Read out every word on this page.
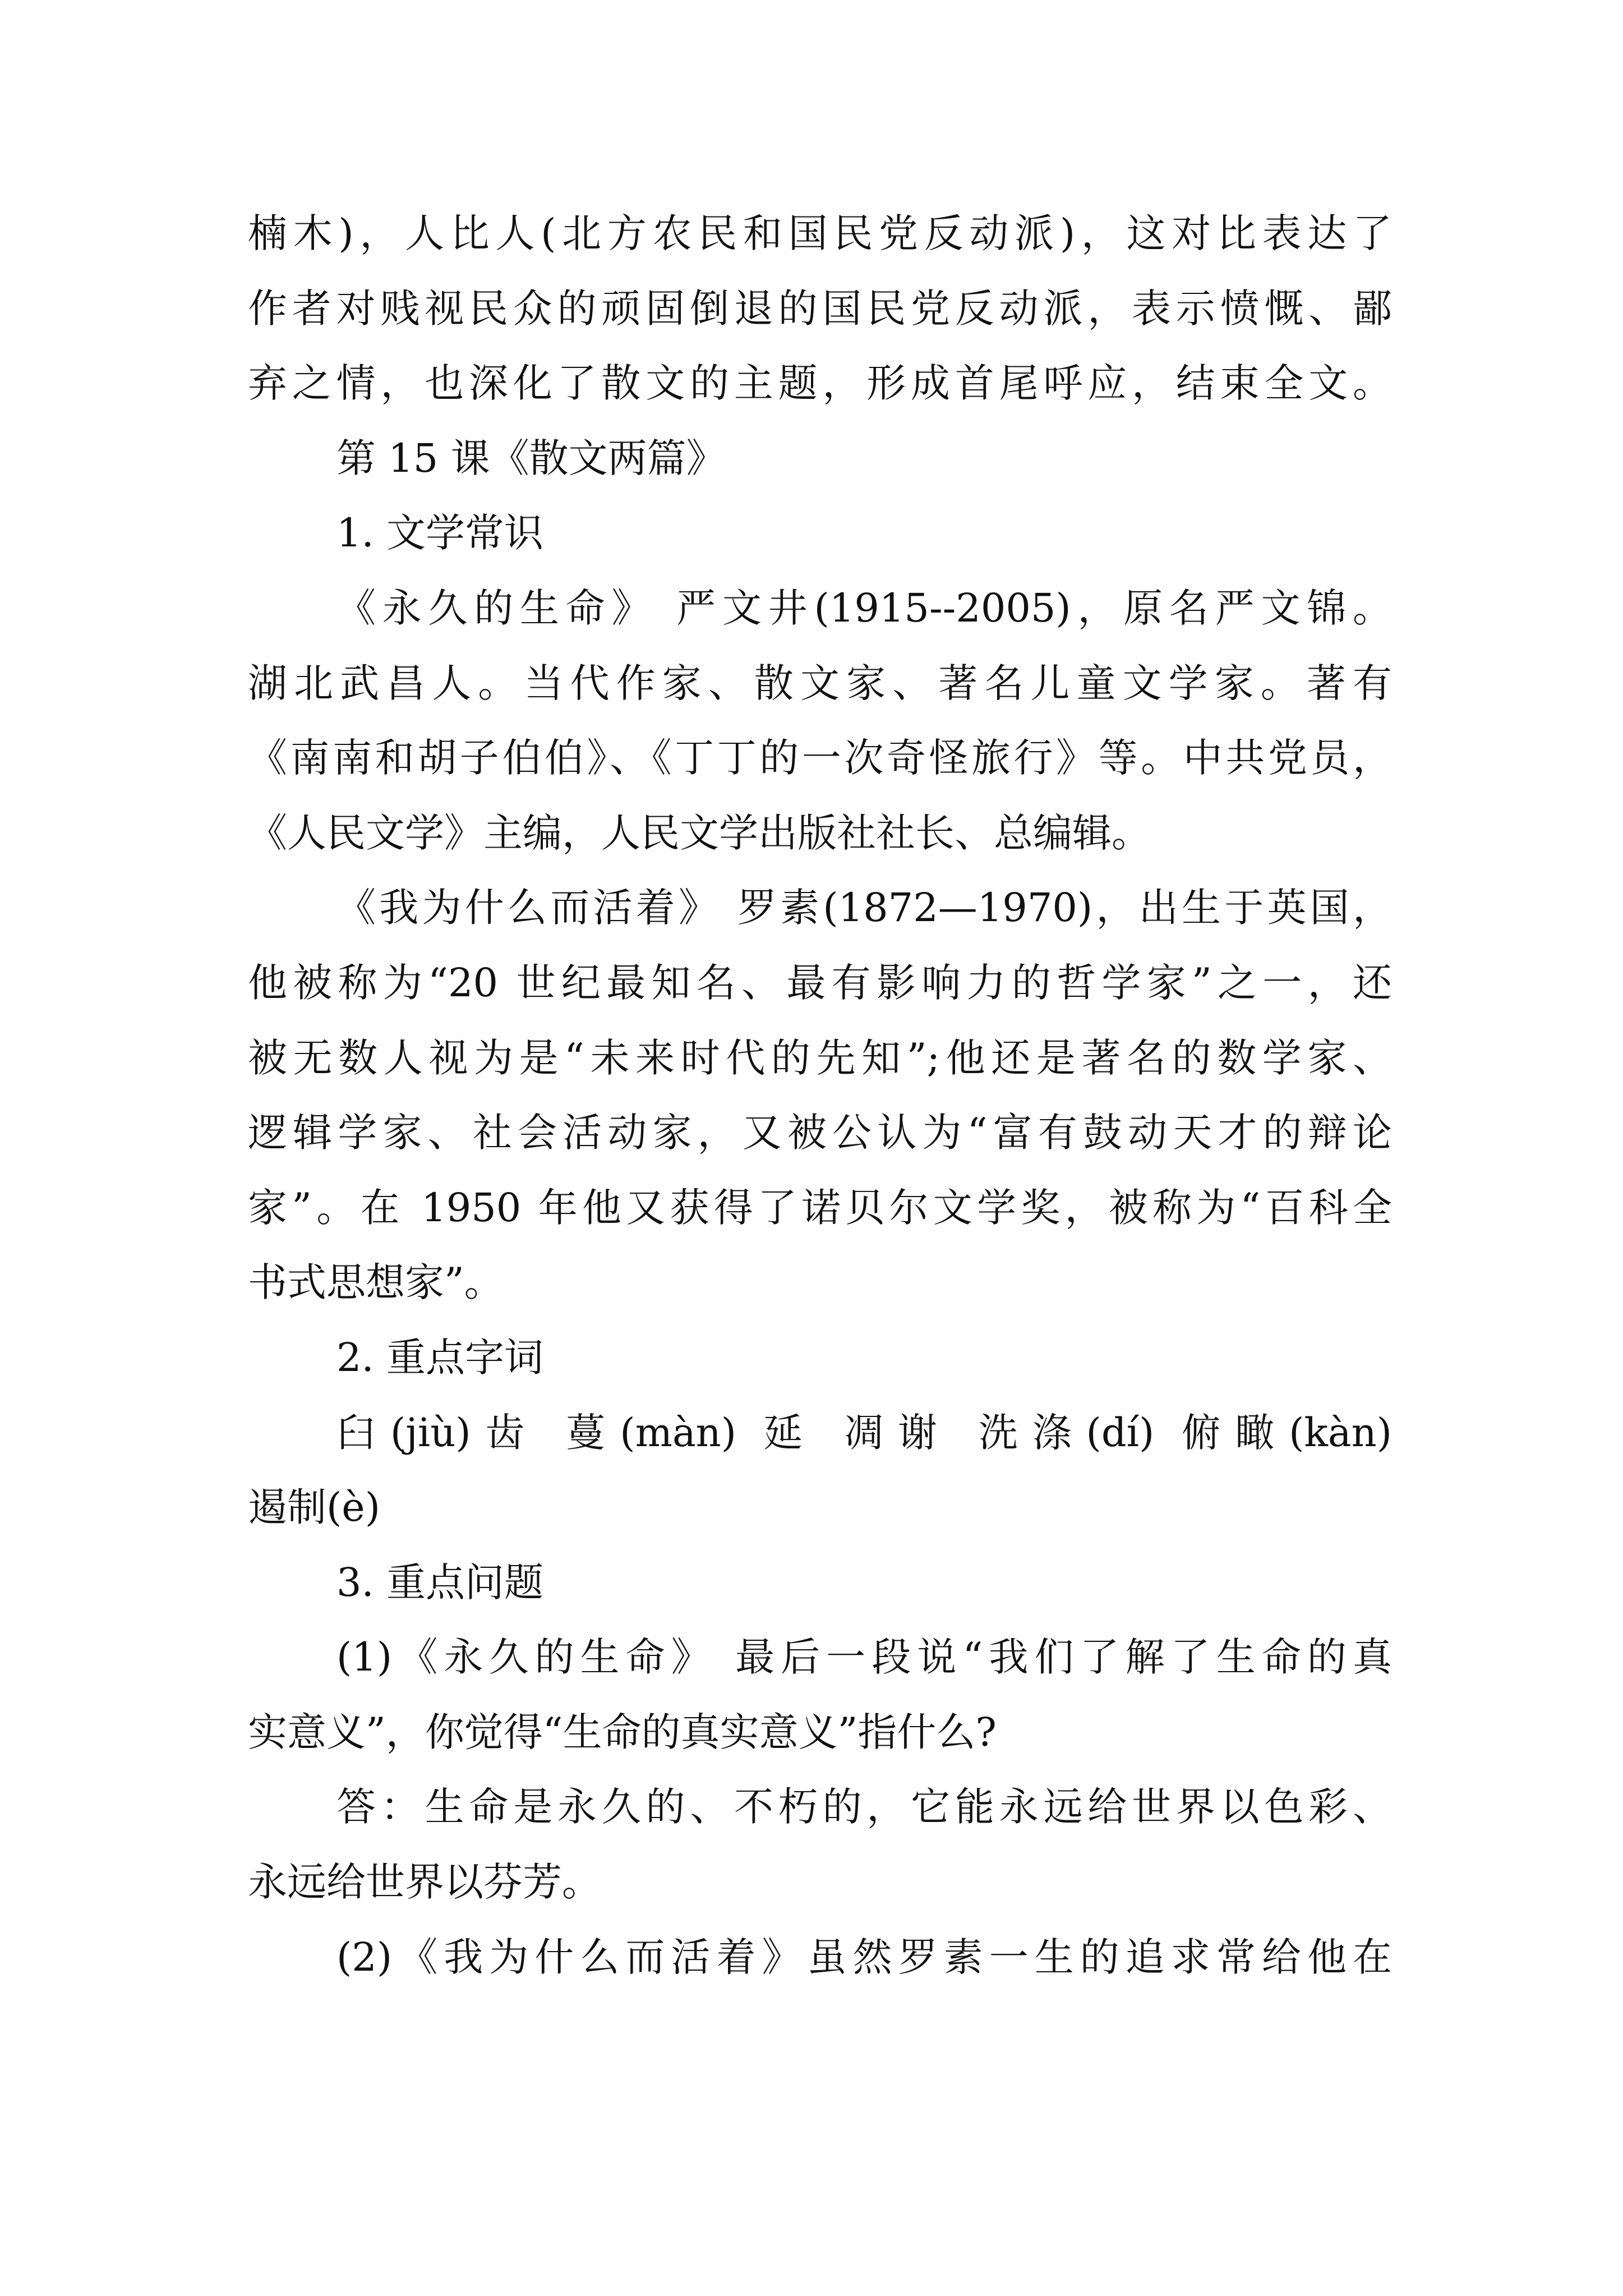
楠木)，人比人(北方农民和国民党反动派)，这对比表达了
作者对贱视民众的顽固倒退的国民党反动派，表示愤慨、鄙
弃之情，也深化了散文的主题，形成首尾呼应，结束全文。
第 15 课《散文两篇》
1. 文学常识
《永久的生命》 严文井(1915--2005)，原名严文锦。
湖北武昌人。当代作家、散文家、著名儿童文学家。著有
《南南和胡子伯伯》、《丁丁的一次奇怪旅行》等。中共党员，
《人民文学》主编，人民文学出版社社长、总编辑。
《我为什么而活着》 罗素(1872—1970)，出生于英国，
他被称为“20 世纪最知名、最有影响力的哲学家”之一，还
被无数人视为是“未来时代的先知”;他还是著名的数学家、
逻辑学家、社会活动家，又被公认为“富有鼓动天才的辩论
家”。在 1950 年他又获得了诺贝尔文学奖，被称为“百科全
书式思想家”。
2. 重点字词
臼(jiù)齿 蔓(màn) 延 凋谢 洗涤(dí) 俯瞰(kàn)
遏制(è)
3. 重点问题
(1)《永久的生命》 最后一段说“我们了解了生命的真
实意义”，你觉得“生命的真实意义”指什么?
答：生命是永久的、不朽的，它能永远给世界以色彩、
永远给世界以芬芳。
(2)《我为什么而活着》虽然罗素一生的追求常给他在
